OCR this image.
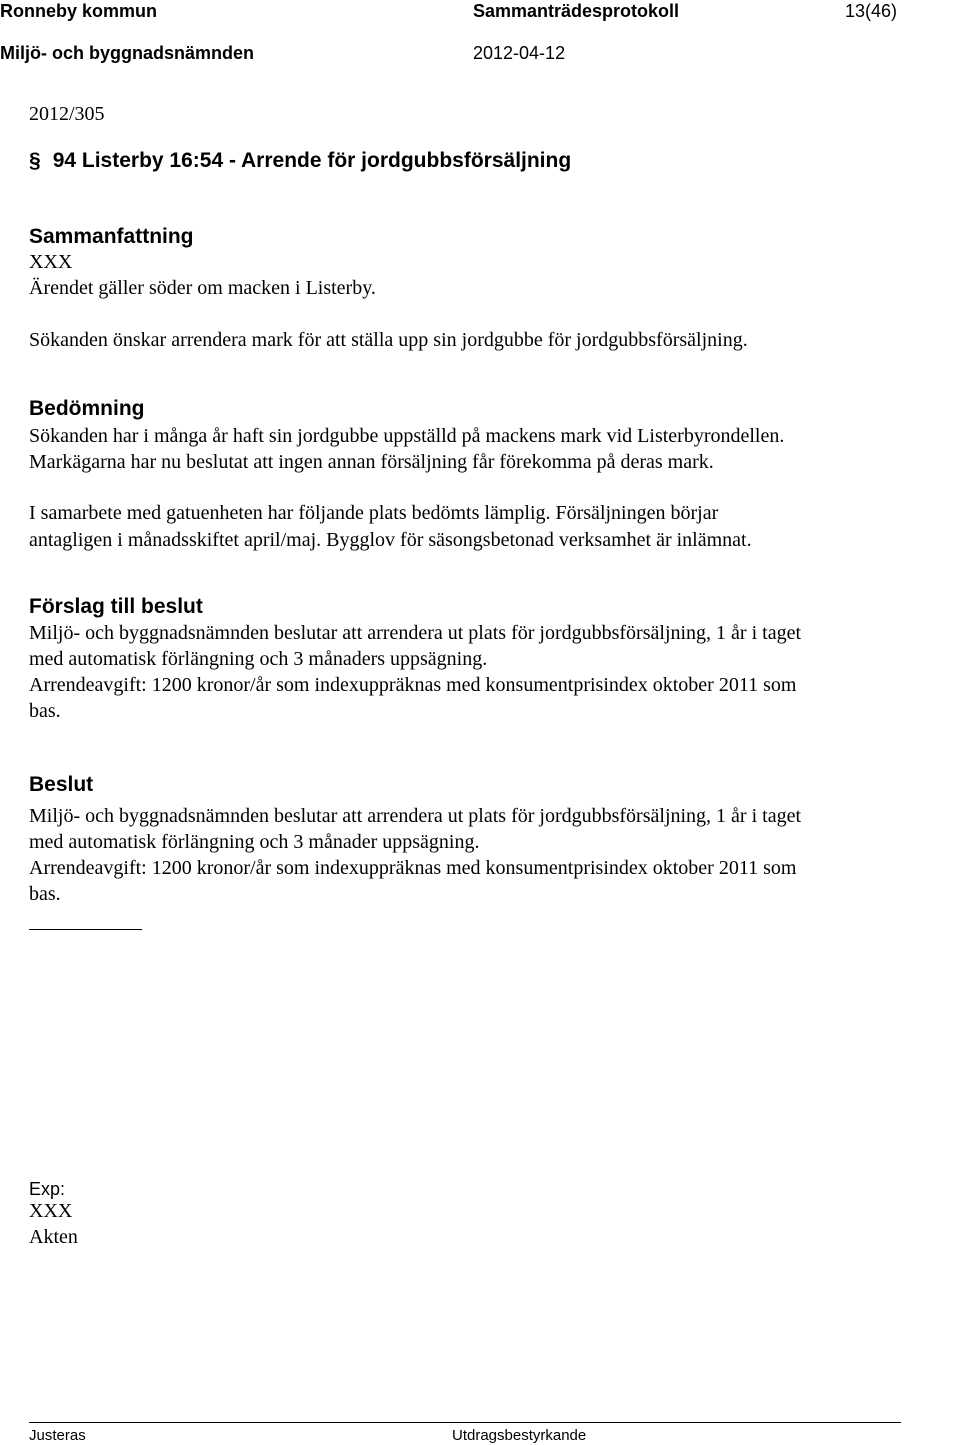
Ronneby kommun	Sammanträdesprotokoll	13(46)
Miljö- och byggnadsnämnden	2012-04-12
2012/305
§ 94 Listerby 16:54 - Arrende för jordgubbsförsäljning
Sammanfattning
XXX
Ärendet gäller söder om macken i Listerby.
Sökanden önskar arrendera mark för att ställa upp sin jordgubbe för jordgubbsförsäljning.
Bedömning
Sökanden har i många år haft sin jordgubbe uppställd på mackens mark vid Listerbyrondellen.
Markägarna har nu beslutat att ingen annan försäljning får förekomma på deras mark.
I samarbete med gatuenheten har följande plats bedömts lämplig. Försäljningen börjar
antagligen i månadsskiftet april/maj. Bygglov för säsongsbetonad verksamhet är inlämnat.
Förslag till beslut
Miljö- och byggnadsnämnden beslutar att arrendera ut plats för jordgubbsförsäljning, 1 år i taget
med automatisk förlängning och 3 månaders uppsägning.
Arrendeavgift: 1200 kronor/år som indexuppräknas med konsumentprisindex oktober 2011 som
bas.
Beslut
Miljö- och byggnadsnämnden beslutar att arrendera ut plats för jordgubbsförsäljning, 1 år i taget
med automatisk förlängning och 3 månader uppsägning.
Arrendeavgift: 1200 kronor/år som indexuppräknas med konsumentprisindex oktober 2011 som
bas.
Exp:
XXX
Akten
Justeras	Utdragsbestyrkande
